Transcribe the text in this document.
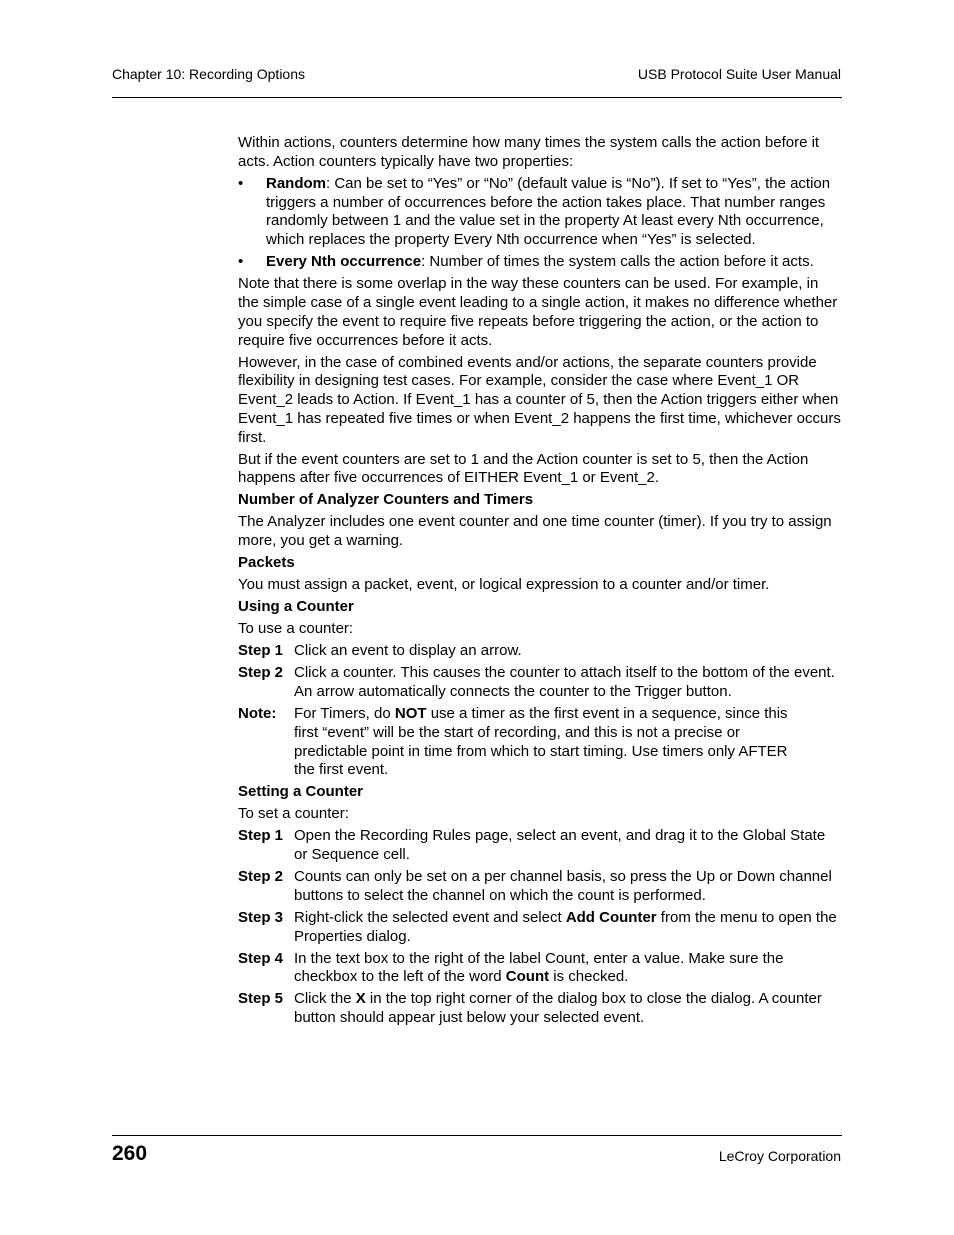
Chapter 10: Recording Options	USB Protocol Suite User Manual

Within actions, counters determine how many times the system calls the action before it acts. Action counters typically have two properties:

•	Random: Can be set to “Yes” or “No” (default value is “No”). If set to “Yes”, the action triggers a number of occurrences before the action takes place. That number ranges randomly between 1 and the value set in the property At least every Nth occurrence, which replaces the property Every Nth occurrence when “Yes” is selected.
•	Every Nth occurrence: Number of times the system calls the action before it acts.

Note that there is some overlap in the way these counters can be used. For example, in the simple case of a single event leading to a single action, it makes no difference whether you specify the event to require five repeats before triggering the action, or the action to require five occurrences before it acts.

However, in the case of combined events and/or actions, the separate counters provide flexibility in designing test cases. For example, consider the case where Event_1 OR Event_2 leads to Action. If Event_1 has a counter of 5, then the Action triggers either when Event_1 has repeated five times or when Event_2 happens the first time, whichever occurs first.

But if the event counters are set to 1 and the Action counter is set to 5, then the Action happens after five occurrences of EITHER Event_1 or Event_2.

Number of Analyzer Counters and Timers

The Analyzer includes one event counter and one time counter (timer). If you try to assign more, you get a warning.

Packets

You must assign a packet, event, or logical expression to a counter and/or timer.

Using a Counter

To use a counter:

Step 1 Click an event to display an arrow.
Step 2 Click a counter. This causes the counter to attach itself to the bottom of the event. An arrow automatically connects the counter to the Trigger button.
Note:	For Timers, do NOT use a timer as the first event in a sequence, since this first “event” will be the start of recording, and this is not a precise or predictable point in time from which to start timing. Use timers only AFTER the first event.
Setting a Counter

To set a counter:

Step 1 Open the Recording Rules page, select an event, and drag it to the Global State or Sequence cell.
Step 2 Counts can only be set on a per channel basis, so press the Up or Down channel buttons to select the channel on which the count is performed.
Step 3 Right-click the selected event and select Add Counter from the menu to open the Properties dialog.
Step 4 In the text box to the right of the label Count, enter a value. Make sure the checkbox to the left of the word Count is checked.
Step 5 Click the X in the top right corner of the dialog box to close the dialog. A counter button should appear just below your selected event.
260	LeCroy Corporation
